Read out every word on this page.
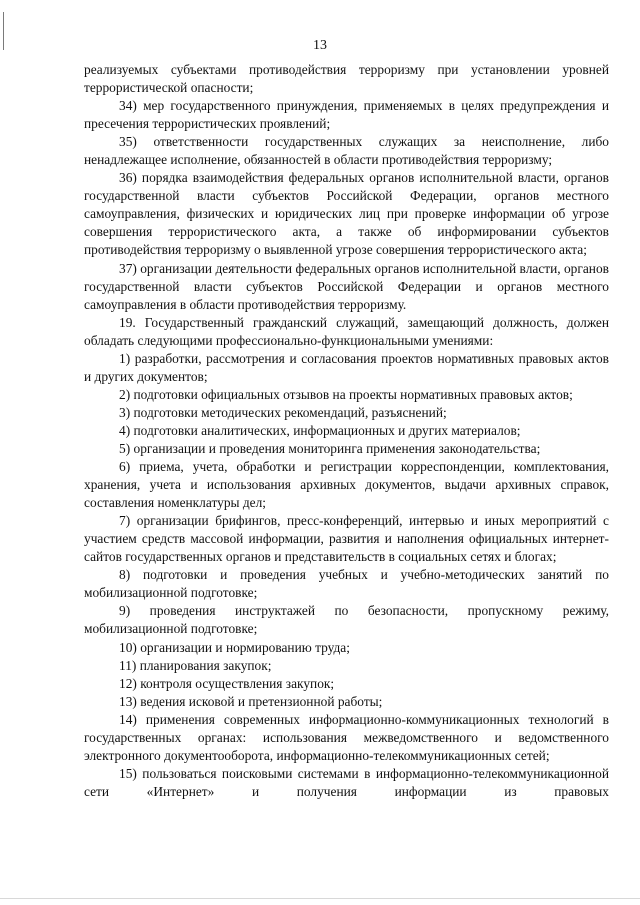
13

реализуемых субъектами противодействия терроризму при установлении уровней террористической опасности;

34) мер государственного принуждения, применяемых в целях предупреждения и пресечения террористических проявлений;

35) ответственности государственных служащих за неисполнение, либо ненадлежащее исполнение, обязанностей в области противодействия терроризму;

36) порядка взаимодействия федеральных органов исполнительной власти, органов государственной власти субъектов Российской Федерации, органов местного самоуправления, физических и юридических лиц при проверке информации об угрозе совершения террористического акта, а также об информировании субъектов противодействия терроризму о выявленной угрозе совершения террористического акта;

37) организации деятельности федеральных органов исполнительной власти, органов государственной власти субъектов Российской Федерации и органов местного самоуправления в области противодействия терроризму.

19. Государственный гражданский служащий, замещающий должность, должен обладать следующими профессионально-функциональными умениями:

1) разработки, рассмотрения и согласования проектов нормативных правовых актов и других документов;

2) подготовки официальных отзывов на проекты нормативных правовых актов;

3) подготовки методических рекомендаций, разъяснений;

4) подготовки аналитических, информационных и других материалов;

5) организации и проведения мониторинга применения законодательства;

6) приема, учета, обработки и регистрации корреспонденции, комплектования, хранения, учета и использования архивных документов, выдачи архивных справок, составления номенклатуры дел;

7) организации брифингов, пресс-конференций, интервью и иных мероприятий с участием средств массовой информации, развития и наполнения официальных интернет-сайтов государственных органов и представительств в социальных сетях и блогах;

8) подготовки и проведения учебных и учебно-методических занятий по мобилизационной подготовке;

9) проведения инструктажей по безопасности, пропускному режиму, мобилизационной подготовке;

10) организации и нормированию труда;

11) планирования закупок;

12) контроля осуществления закупок;

13) ведения исковой и претензионной работы;

14) применения современных информационно-коммуникационных технологий в государственных органах: использования межведомственного и ведомственного электронного документооборота, информационно-телекоммуникационных сетей;

15) пользоваться поисковыми системами в информационно-телекоммуникационной сети «Интернет» и получения информации из правовых
